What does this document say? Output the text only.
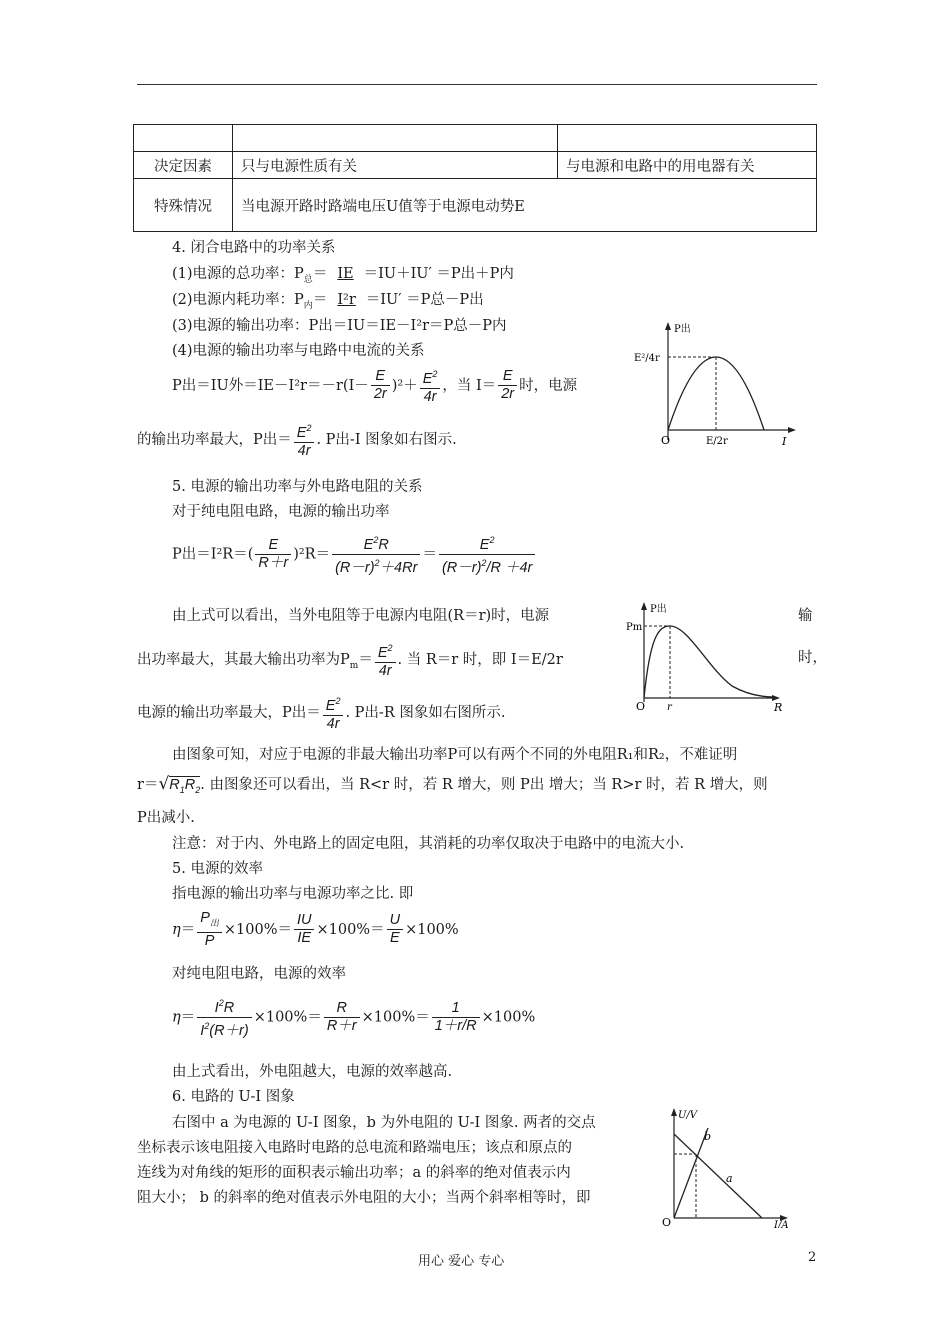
决定因素	只与电源性质有关	与电源和电路中的用电器有关
特殊情况	当电源开路时路端电压U值等于电源电动势E	
4. 闭合电路中的功率关系
(1)电源的总功率：$P_总=$ IE ＝IU＋IU′ ＝P出＋P内
(2)电源内耗功率：$P_内= I^2r =IU' =P$总－P出
(3)电源的输出功率：P出＝IU＝IE－I²r＝P总－P内
(4)电源的输出功率与电路中电流的关系
P出＝IU外$=IE-I^2r=-r(I- \frac{E}{2r} )^2+ \frac{E^2}{4r}$ ，当 $I= \frac{E}{2r}$ 时，电源
的输出功率最大，P出＝ $\frac{E^2}{4r}$ . P出-I 图象如右图示.
P出
E²/4r
O	E/2r	I
5. 电源的输出功率与外电路电阻的关系
对于纯电阻电路，电源的输出功率
P出$=I^2R=( \frac{E}{R+r} )^2R= \frac{E^2R}{(R-r)^2+4Rr} = \frac{E^2}{(R-r)^2/R +4r}$
由上式可以看出，当外电阻等于电源内电阻(R＝r)时，电源	输
出功率最大，其最大输出功率为$P_m= \frac{E^2}{4r}$ . 当 R＝r 时，即 I＝E/2r	时，
电源的输出功率最大，P出＝ $\frac{E^2}{4r}$ . P出-R 图象如右图所示.
P出
Pm
O r	R
由图象可知，对应于电源的非最大输出功率P可以有两个不同的外电阻R₁和R₂，不难证明
$r=√R_1R_2$. 由图象还可以看出，当 R<r 时，若 R 增大，则 P出 增大；当 R>r 时，若 R 增大，则
P出减小.
注意：对于内、外电路上的固定电阻，其消耗的功率仅取决于电路中的电流大小.
5. 电源的效率
指电源的输出功率与电源功率之比. 即
$\eta= \frac{P_出}{P} \times 100\%= \frac{IU}{IE} \times 100\%= \frac{U}{E} \times 100\%$
对纯电阻电路，电源的效率
$\eta= \frac{I^2R}{I^2(R+r)} \times 100\%= \frac{R}{R+r} \times 100\%= \frac{1}{1+r/R} \times 100\%$
由上式看出，外电阻越大，电源的效率越高.
6. 电路的 U-I 图象
右图中 a 为电源的 U-I 图象，b 为外电阻的 U-I 图象. 两者的交点
坐标表示该电阻接入电路时电路的总电流和路端电压；该点和原点的
连线为对角线的矩形的面积表示输出功率；a 的斜率的绝对值表示内
阻大小； b 的斜率的绝对值表示外电阻的大小；当两个斜率相等时，即
U/V
b
a
O	I/A
用心 爱心 专心	2
